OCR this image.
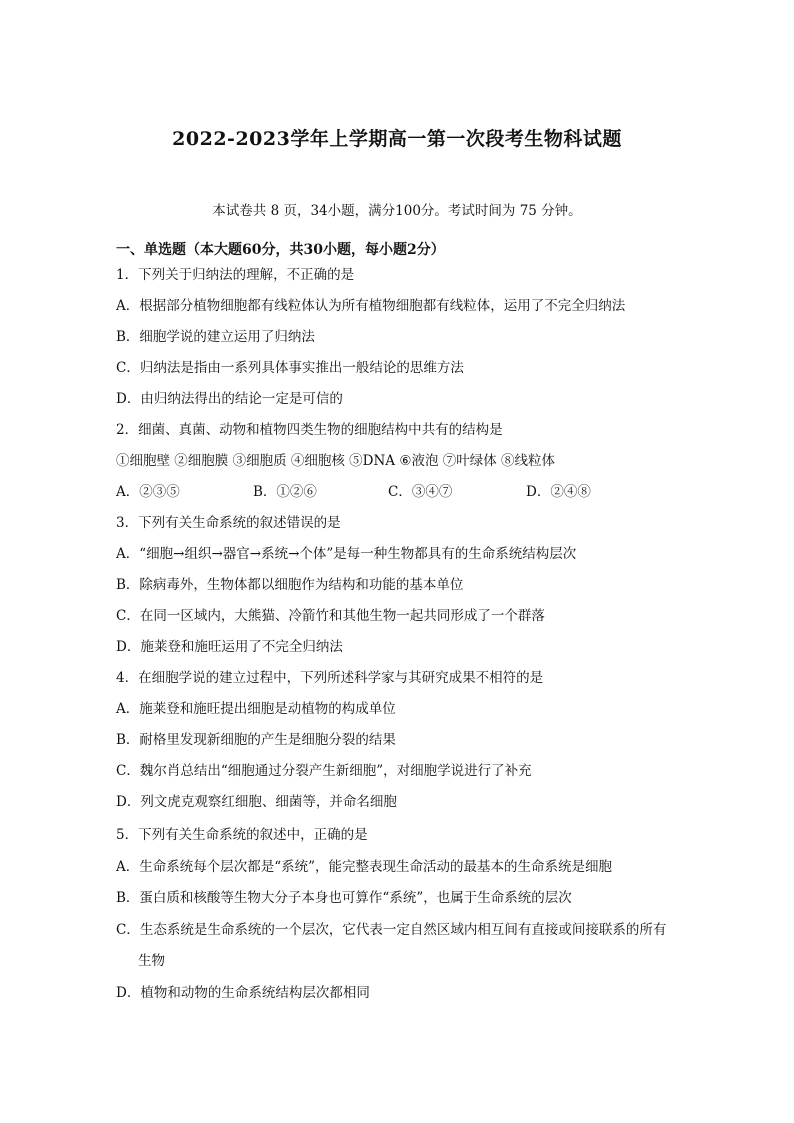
2022-2023学年上学期高一第一次段考生物科试题
本试卷共 8 页，34小题，满分100分。考试时间为 75 分钟。
一、单选题（本大题60分，共30小题，每小题2分）
1．下列关于归纳法的理解，不正确的是
A．根据部分植物细胞都有线粒体认为所有植物细胞都有线粒体，运用了不完全归纳法
B．细胞学说的建立运用了归纳法
C．归纳法是指由一系列具体事实推出一般结论的思维方法
D．由归纳法得出的结论一定是可信的
2．细菌、真菌、动物和植物四类生物的细胞结构中共有的结构是
①细胞壁 ②细胞膜 ③细胞质 ④细胞核 ⑤DNA ⑥液泡 ⑦叶绿体 ⑧线粒体
A．②③⑤	B．①②⑥	C．③④⑦	D．②④⑧
3．下列有关生命系统的叙述错误的是
A．“细胞→组织→器官→系统→个体”是每一种生物都具有的生命系统结构层次
B．除病毒外，生物体都以细胞作为结构和功能的基本单位
C．在同一区域内，大熊猫、冷箭竹和其他生物一起共同形成了一个群落
D．施莱登和施旺运用了不完全归纳法
4．在细胞学说的建立过程中，下列所述科学家与其研究成果不相符的是
A．施莱登和施旺提出细胞是动植物的构成单位
B．耐格里发现新细胞的产生是细胞分裂的结果
C．魏尔肖总结出“细胞通过分裂产生新细胞”，对细胞学说进行了补充
D．列文虎克观察红细胞、细菌等，并命名细胞
5．下列有关生命系统的叙述中，正确的是
A．生命系统每个层次都是“系统”，能完整表现生命活动的最基本的生命系统是细胞
B．蛋白质和核酸等生物大分子本身也可算作“系统”，也属于生命系统的层次
C．生态系统是生命系统的一个层次，它代表一定自然区域内相互间有直接或间接联系的所有
生物
D．植物和动物的生命系统结构层次都相同
